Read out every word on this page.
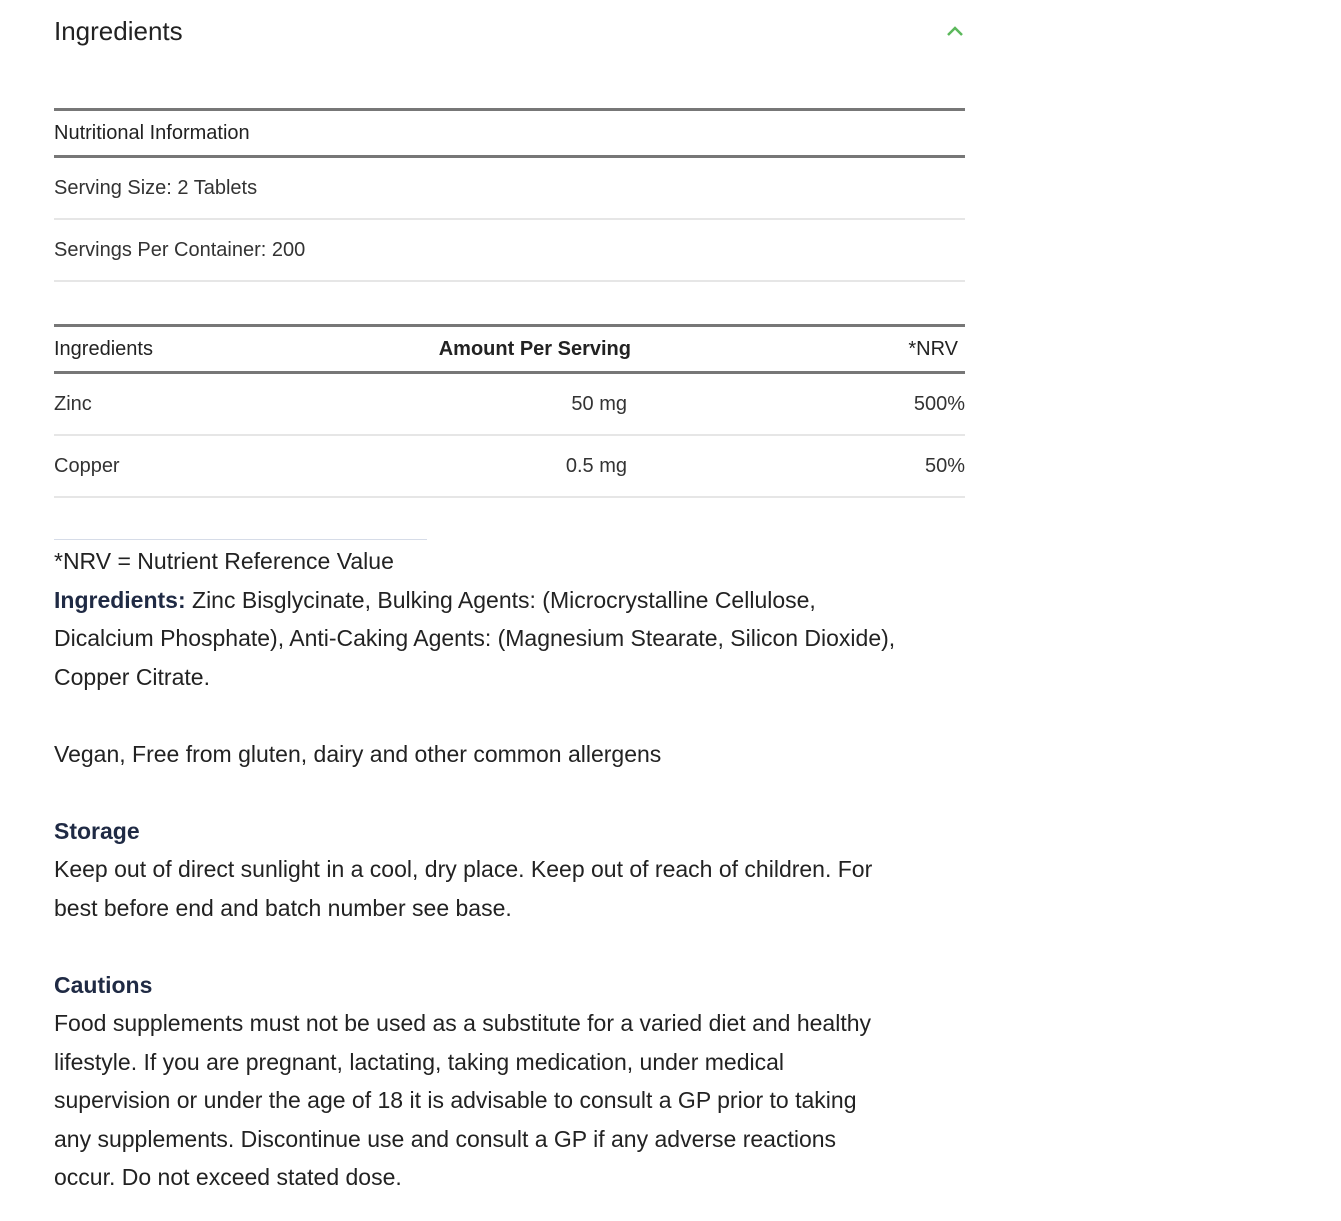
Ingredients
Nutritional Information
Serving Size: 2 Tablets
Servings Per Container: 200
Ingredients	Amount Per Serving	*NRV
Zinc	50 mg	500%
Copper	0.5 mg	50%
*NRV = Nutrient Reference Value
Ingredients: Zinc Bisglycinate, Bulking Agents: (Microcrystalline Cellulose,
Dicalcium Phosphate), Anti-Caking Agents: (Magnesium Stearate, Silicon Dioxide),
Copper Citrate.
Vegan, Free from gluten, dairy and other common allergens
Storage
Keep out of direct sunlight in a cool, dry place. Keep out of reach of children. For
best before end and batch number see base.
Cautions
Food supplements must not be used as a substitute for a varied diet and healthy
lifestyle. If you are pregnant, lactating, taking medication, under medical
supervision or under the age of 18 it is advisable to consult a GP prior to taking
any supplements. Discontinue use and consult a GP if any adverse reactions
occur. Do not exceed stated dose.
